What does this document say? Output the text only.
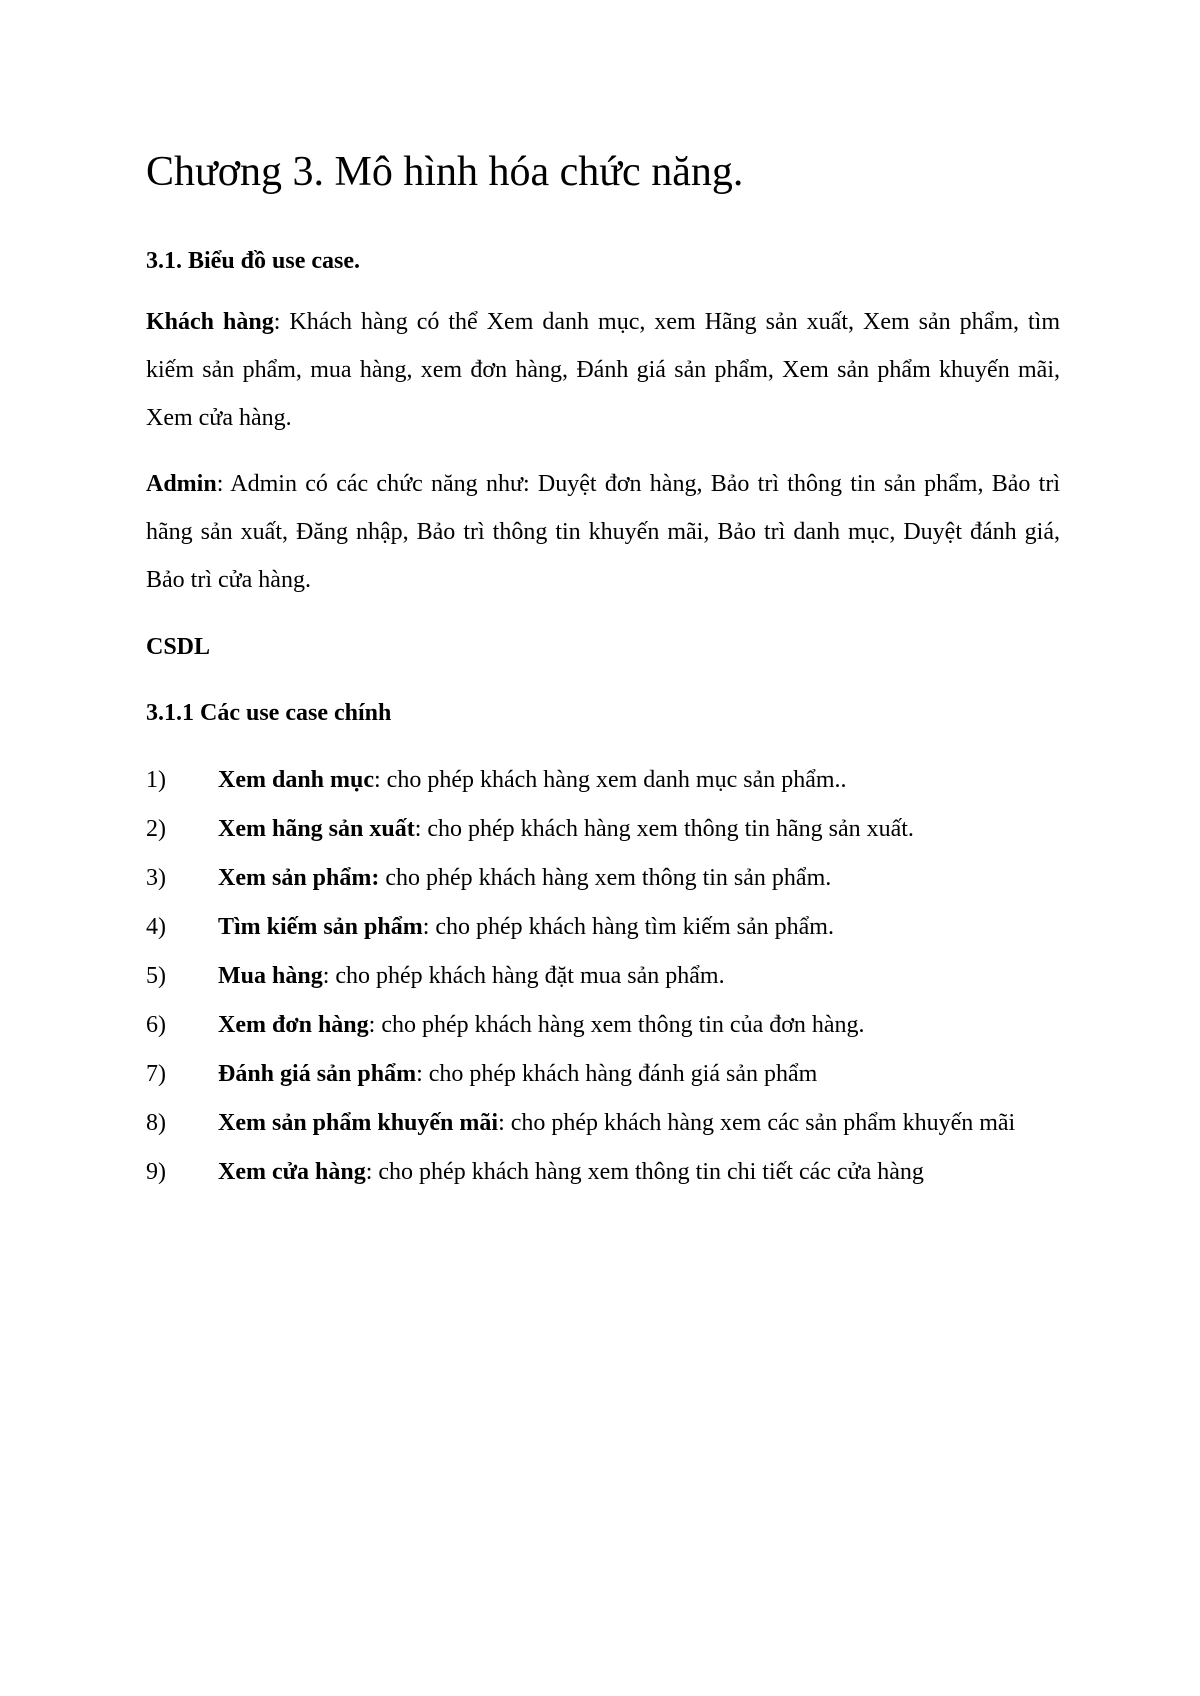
Chương 3. Mô hình hóa chức năng.
3.1. Biểu đồ use case.

Khách hàng: Khách hàng có thể Xem danh mục, xem Hãng sản xuất, Xem sản phẩm, tìm kiếm sản phẩm, mua hàng, xem đơn hàng, Đánh giá sản phẩm, Xem sản phẩm khuyến mãi, Xem cửa hàng.

Admin: Admin có các chức năng như: Duyệt đơn hàng, Bảo trì thông tin sản phẩm, Bảo trì hãng sản xuất, Đăng nhập, Bảo trì thông tin khuyến mãi, Bảo trì danh mục, Duyệt đánh giá, Bảo trì cửa hàng.

CSDL
3.1.1 Các use case chính
1)	Xem danh mục: cho phép khách hàng xem danh mục sản phẩm..
2)	Xem hãng sản xuất: cho phép khách hàng xem thông tin hãng sản xuất.
3)	Xem sản phẩm: cho phép khách hàng xem thông tin sản phẩm.
4)	Tìm kiếm sản phẩm: cho phép khách hàng tìm kiếm sản phẩm.
5)	Mua hàng: cho phép khách hàng đặt mua sản phẩm.
6)	Xem đơn hàng: cho phép khách hàng xem thông tin của đơn hàng.
7)	Đánh giá sản phẩm: cho phép khách hàng đánh giá sản phẩm
8) Xem sản phẩm khuyến mãi: cho phép khách hàng xem các sản phẩm khuyến mãi
9)	Xem cửa hàng: cho phép khách hàng xem thông tin chi tiết các cửa hàng
